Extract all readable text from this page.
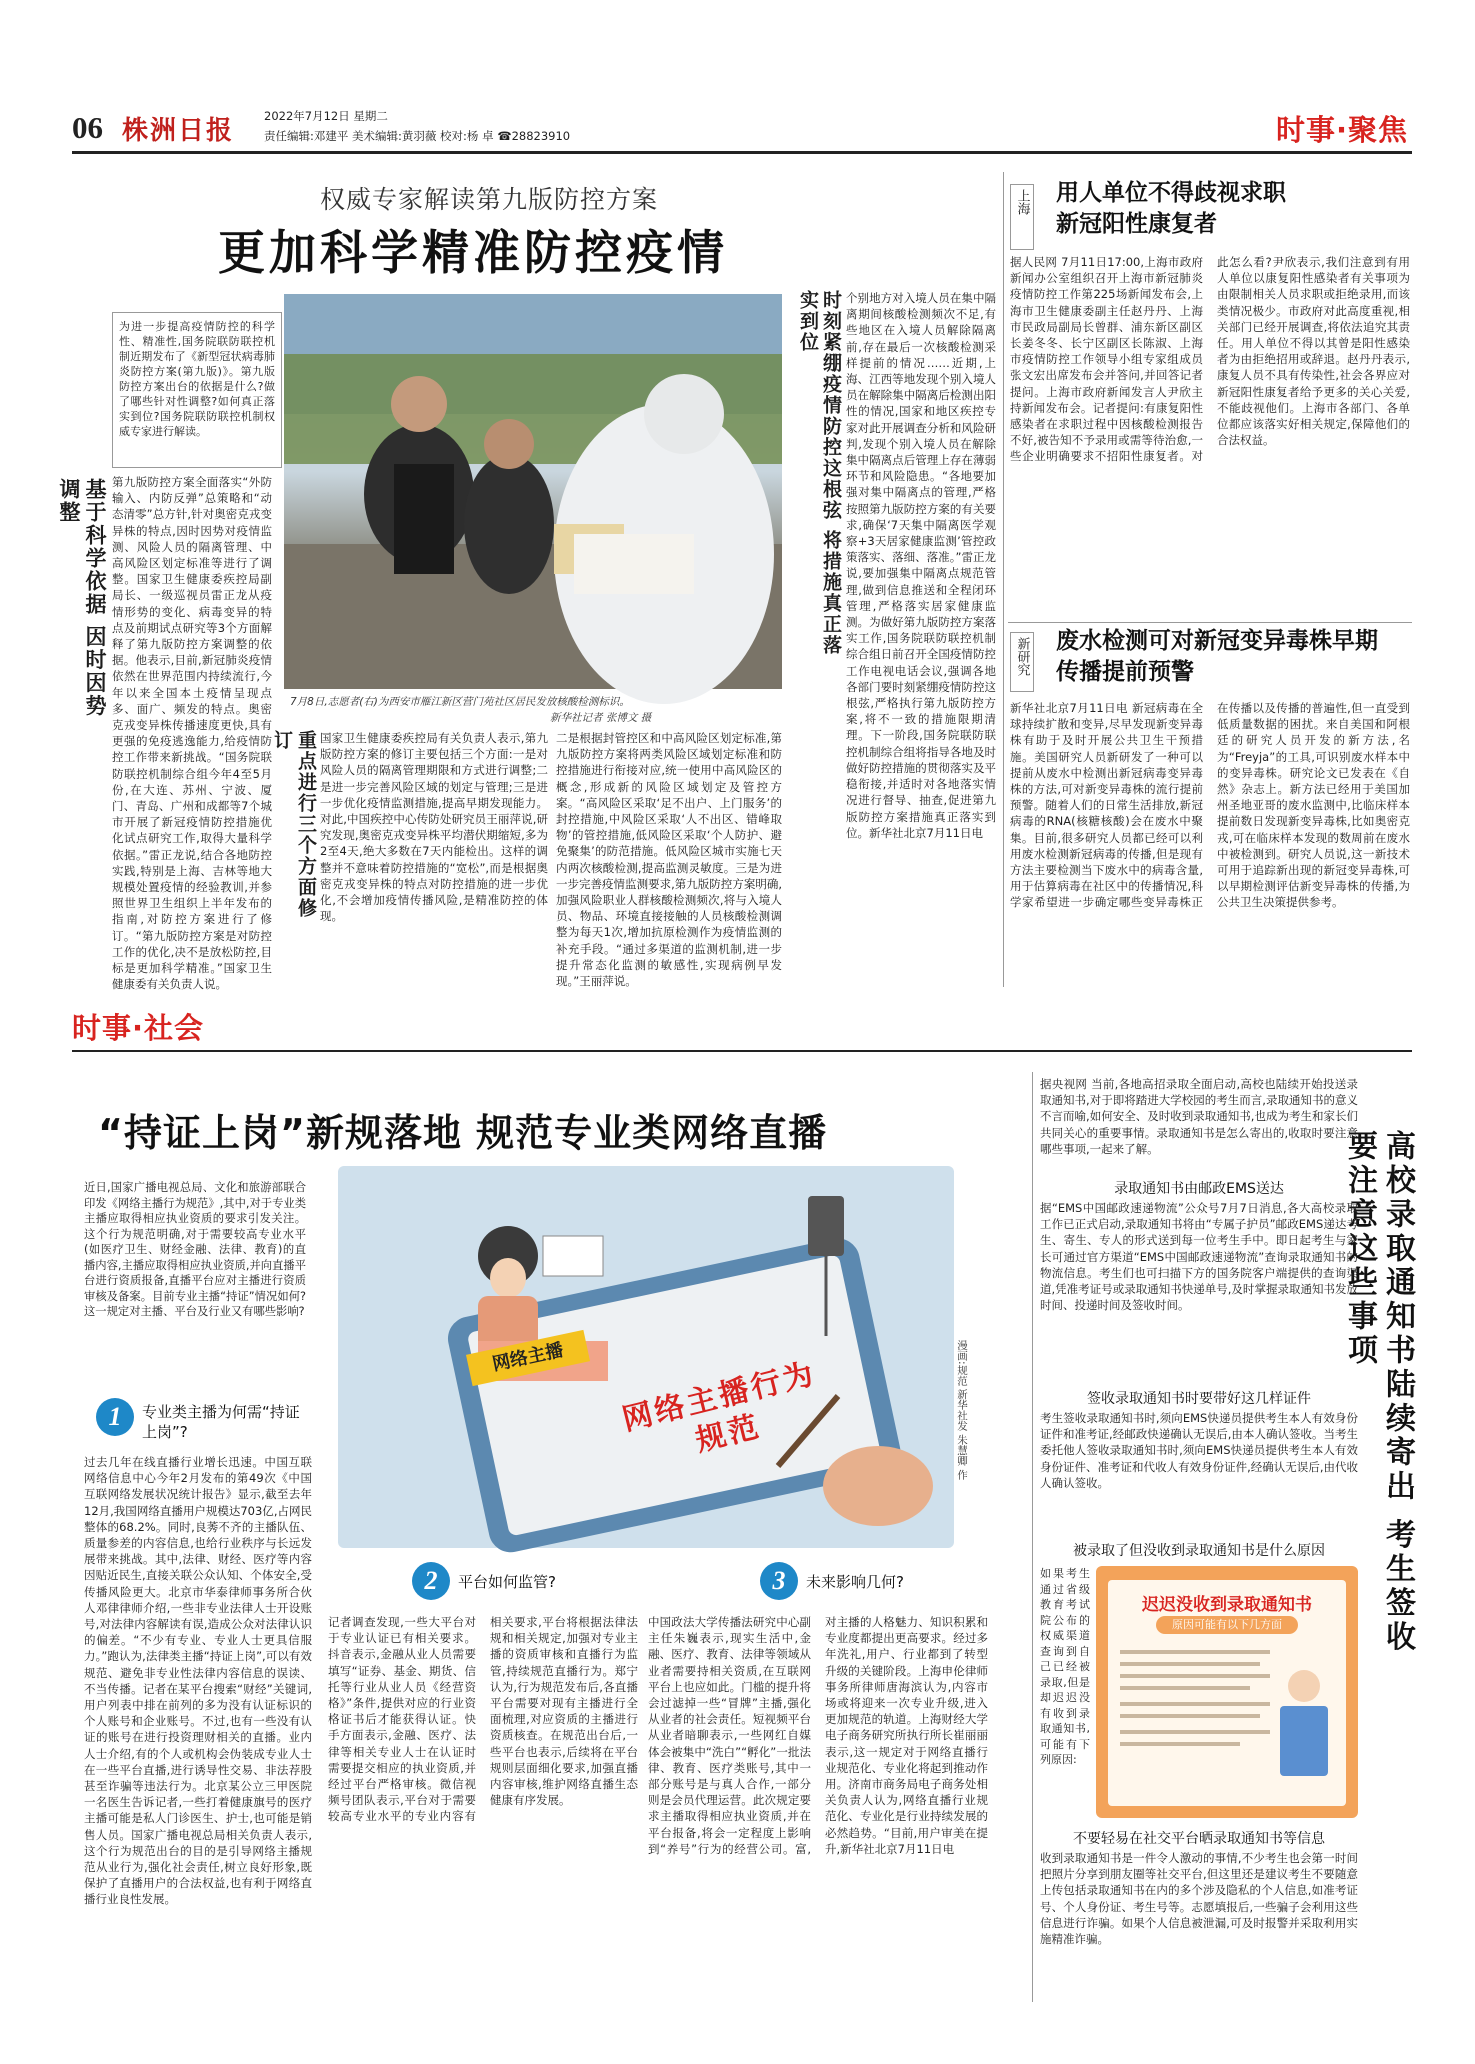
06 株洲日报	2022年7月12日 星期二
责任编辑:邓建平 美术编辑:黄羽薇 校对:杨 卓 ☎28823910	时事·聚焦
权威专家解读第九版防控方案
更加科学精准防控疫情
为进一步提高疫情防控的科学性、精准性,国务院联防联控机制近期发布了《新型冠状病毒肺炎防控方案(第九版)》。第九版防控方案出台的依据是什么?做了哪些针对性调整?如何真正落实到位?国务院联防联控机制权威专家进行解读。
7月8日,志愿者(右)为西安市雁江新区营门苑社区居民发放核酸检测标识。
新华社记者 张博文 摄
基于科学依据 因时因势调整	第九版防控方案全面落实“外防输入、内防反弹”总策略和“动态清零”总方针,针对奥密克戎变异株的特点,因时因势对疫情监测、风险人员的隔离管理、中高风险区划定标准等进行了调整。国家卫生健康委疾控局副局长、一级巡视员雷正龙从疫情形势的变化、病毒变异的特点及前期试点研究等3个方面解释了第九版防控方案调整的依据。他表示,目前,新冠肺炎疫情依然在世界范围内持续流行,今年以来全国本土疫情呈现点多、面广、频发的特点。奥密克戎变异株传播速度更快,具有更强的免疫逃逸能力,给疫情防控工作带来新挑战。“国务院联防联控机制综合组今年4至5月份,在大连、苏州、宁波、厦门、青岛、广州和成都等7个城市开展了新冠疫情防控措施优化试点研究工作,取得大量科学依据。”雷正龙说,结合各地防控实践,特别是上海、吉林等地大规模处置疫情的经验教训,并参照世界卫生组织上半年发布的指南,对防控方案进行了修订。“第九版防控方案是对防控工作的优化,决不是放松防控,目标是更加科学精准。”国家卫生健康委有关负责人说。
重点进行三个方面修订	国家卫生健康委疾控局有关负责人表示,第九版防控方案的修订主要包括三个方面:一是对风险人员的隔离管理期限和方式进行调整;二是进一步完善风险区域的划定与管理;三是进一步优化疫情监测措施,提高早期发现能力。对此,中国疾控中心传防处研究员王丽萍说,研究发现,奥密克戎变异株平均潜伏期缩短,多为2至4天,绝大多数在7天内能检出。这样的调整并不意味着防控措施的“宽松”,而是根据奥密克戎变异株的特点对防控措施的进一步优化,不会增加疫情传播风险,是精准防控的体现。
二是根据封管控区和中高风险区划定标准,第九版防控方案将两类风险区域划定标准和防控措施进行衔接对应,统一使用中高风险区的概念,形成新的风险区域划定及管控方案。“高风险区采取‘足不出户、上门服务’的封控措施,中风险区采取‘人不出区、错峰取物’的管控措施,低风险区采取‘个人防护、避免聚集’的防范措施。低风险区城市实施七天内两次核酸检测,提高监测灵敏度。三是为进一步完善疫情监测要求,第九版防控方案明确,加强风险职业人群核酸检测频次,将与入境人员、物品、环境直接接触的人员核酸检测调整为每天1次,增加抗原检测作为疫情监测的补充手段。“通过多渠道的监测机制,进一步提升常态化监测的敏感性,实现病例早发现。”王丽萍说。
时刻紧绷疫情防控这根弦 将措施真正落实到位	个别地方对入境人员在集中隔离期间核酸检测频次不足,有些地区在入境人员解除隔离前,存在最后一次核酸检测采样提前的情况……近期,上海、江西等地发现个别入境人员在解除集中隔离后检测出阳性的情况,国家和地区疾控专家对此开展调查分析和风险研判,发现个别入境人员在解除集中隔离点后管理上存在薄弱环节和风险隐患。“各地要加强对集中隔离点的管理,严格按照第九版防控方案的有关要求,确保‘7天集中隔离医学观察+3天居家健康监测’管控政策落实、落细、落准。”雷正龙说,要加强集中隔离点规范管理,做到信息推送和全程闭环管理,严格落实居家健康监测。为做好第九版防控方案落实工作,国务院联防联控机制综合组日前召开全国疫情防控工作电视电话会议,强调各地各部门要时刻紧绷疫情防控这根弦,严格执行第九版防控方案,将不一致的措施限期清理。下一阶段,国务院联防联控机制综合组将指导各地及时做好防控措施的贯彻落实及平稳衔接,并适时对各地落实情况进行督导、抽查,促进第九版防控方案措施真正落实到位。新华社北京7月11日电
上海 用人单位不得歧视求职新冠阳性康复者
据人民网 7月11日17:00,上海市政府新闻办公室组织召开上海市新冠肺炎疫情防控工作第225场新闻发布会,上海市卫生健康委副主任赵丹丹、上海市民政局副局长曾群、浦东新区副区长姜冬冬、长宁区副区长陈淑、上海市疫情防控工作领导小组专家组成员张文宏出席发布会并答问,并回答记者提问。上海市政府新闻发言人尹欣主持新闻发布会。记者提问:有康复阳性感染者在求职过程中因核酸检测报告不好,被告知不予录用或需等待治愈,一些企业明确要求不招阳性康复者。对此怎么看?尹欣表示,我们注意到有用人单位以康复阳性感染者有关事项为由限制相关人员求职或拒绝录用,而该类情况极少。市政府对此高度重视,相关部门已经开展调查,将依法追究其责任。用人单位不得以其曾是阳性感染者为由拒绝招用或辞退。赵丹丹表示,康复人员不具有传染性,社会各界应对新冠阳性康复者给予更多的关心关爱,不能歧视他们。上海市各部门、各单位都应该落实好相关规定,保障他们的合法权益。
新研究 废水检测可对新冠变异毒株早期传播提前预警
新华社北京7月11日电 新冠病毒在全球持续扩散和变异,尽早发现新变异毒株有助于及时开展公共卫生干预措施。美国研究人员新研发了一种可以提前从废水中检测出新冠病毒变异毒株的方法,可对新变异毒株的流行提前预警。随着人们的日常生活排放,新冠病毒的RNA(核糖核酸)会在废水中聚集。目前,很多研究人员都已经可以利用废水检测新冠病毒的传播,但是现有方法主要检测当下废水中的病毒含量,用于估算病毒在社区中的传播情况,科学家希望进一步确定哪些变异毒株正在传播以及传播的普遍性,但一直受到低质量数据的困扰。来自美国和阿根廷的研究人员开发的新方法,名为“Freyja”的工具,可识别废水样本中的变异毒株。研究论文已发表在《自然》杂志上。新方法已经用于美国加州圣地亚哥的废水监测中,比临床样本提前数日发现新变异毒株,比如奥密克戎,可在临床样本发现的数周前在废水中被检测到。研究人员说,这一新技术可用于追踪新出现的新冠变异毒株,可以早期检测评估新变异毒株的传播,为公共卫生决策提供参考。
时事·社会
“持证上岗”新规落地 规范专业类网络直播
近日,国家广播电视总局、文化和旅游部联合印发《网络主播行为规范》,其中,对于专业类主播应取得相应执业资质的要求引发关注。这个行为规范明确,对于需要较高专业水平(如医疗卫生、财经金融、法律、教育)的直播内容,主播应取得相应执业资质,并向直播平台进行资质报备,直播平台应对主播进行资质审核及备案。目前专业主播“持证”情况如何?这一规定对主播、平台及行业又有哪些影响?
网络主播	网络主播行为规范	漫画:规范 新华社发 朱慧卿 作
1	专业类主播为何需“持证上岗”?
过去几年在线直播行业增长迅速。中国互联网络信息中心今年2月发布的第49次《中国互联网络发展状况统计报告》显示,截至去年12月,我国网络直播用户规模达703亿,占网民整体的68.2%。同时,良莠不齐的主播队伍、质量参差的内容信息,也给行业秩序与长远发展带来挑战。其中,法律、财经、医疗等内容因贴近民生,直接关联公众认知、个体安全,受传播风险更大。北京市华泰律师事务所合伙人邓律律师介绍,一些非专业法律人士开设账号,对法律内容解读有误,造成公众对法律认识的偏差。“不少有专业、专业人士更具信服力。”跑认为,法律类主播“持证上岗”,可以有效规范、避免非专业性法律内容信息的误读、不当传播。记者在某平台搜索“财经”关键词,用户列表中排在前列的多为没有认证标识的个人账号和企业账号。不过,也有一些没有认证的账号在进行投资理财相关的直播。业内人士介绍,有的个人或机构会伪装成专业人士在一些平台直播,进行诱导性交易、非法荐股甚至诈骗等违法行为。北京某公立三甲医院一名医生告诉记者,一些打着健康旗号的医疗主播可能是私人门诊医生、护士,也可能是销售人员。国家广播电视总局相关负责人表示,这个行为规范出台的目的是引导网络主播规范从业行为,强化社会责任,树立良好形象,既保护了直播用户的合法权益,也有利于网络直播行业良性发展。
2	平台如何监管?
记者调查发现,一些大平台对于专业认证已有相关要求。抖音表示,金融从业人员需要填写“证券、基金、期货、信托等行业从业人员《经营资格》”条件,提供对应的行业资格证书后才能获得认证。快手方面表示,金融、医疗、法律等相关专业人士在认证时需要提交相应的执业资质,并经过平台严格审核。微信视频号团队表示,平台对于需要较高专业水平的专业内容有相关要求,平台将根据法律法规和相关规定,加强对专业主播的资质审核和直播行为监管,持续规范直播行为。郑宁认为,行为规范发布后,各直播平台需要对现有主播进行全面梳理,对应资质的主播进行资质核查。在规范出台后,一些平台也表示,后续将在平台规则层面细化要求,加强直播内容审核,维护网络直播生态健康有序发展。
3	未来影响几何?
中国政法大学传播法研究中心副主任朱巍表示,现实生活中,金融、医疗、教育、法律等领域从业者需要持相关资质,在互联网平台上也应如此。门槛的提升将会过滤掉一些“冒牌”主播,强化从业者的社会责任。短视频平台从业者暗聊表示,一些网红自媒体会被集中“洗白”“孵化”一批法律、教育、医疗类账号,其中一部分账号是与真人合作,一部分则是会员代理运营。此次规定要求主播取得相应执业资质,并在平台报备,将会一定程度上影响到“养号”行为的经营公司。富,对主播的人格魅力、知识积累和专业度都提出更高要求。经过多年洗礼,用户、行业都到了转型升级的关键阶段。上海申伦律师事务所律师唐海滨认为,内容市场或将迎来一次专业升级,进入更加规范的轨道。上海财经大学电子商务研究所执行所长崔丽丽表示,这一规定对于网络直播行业规范化、专业化将起到推动作用。济南市商务局电子商务处相关负责人认为,网络直播行业规范化、专业化是行业持续发展的必然趋势。“目前,用户审美在提升,新华社北京7月11日电
高校录取通知书陆续寄出 考生签收要注意这些事项
据央视网 当前,各地高招录取全面启动,高校也陆续开始投送录取通知书,对于即将踏进大学校园的考生而言,录取通知书的意义不言而喻,如何安全、及时收到录取通知书,也成为考生和家长们共同关心的重要事情。录取通知书是怎么寄出的,收取时要注意哪些事项,一起来了解。
录取通知书由邮政EMS送达
据“EMS中国邮政速递物流”公众号7月7日消息,各大高校录取工作已正式启动,录取通知书将由“专属子护员”邮政EMS递达考生、寄生、专人的形式送到每一位考生手中。即日起考生与家长可通过官方渠道“EMS中国邮政速递物流”查询录取通知书的物流信息。考生们也可扫描下方的国务院客户端提供的查询渠道,凭准考证号或录取通知书快递单号,及时掌握录取通知书发放时间、投递时间及签收时间。
签收录取通知书时要带好这几样证件
考生签收录取通知书时,须向EMS快递员提供考生本人有效身份证件和准考证,经邮政快递确认无误后,由本人确认签收。当考生委托他人签收录取通知书时,须向EMS快递员提供考生本人有效身份证件、准考证和代收人有效身份证件,经确认无误后,由代收人确认签收。
被录取了但没收到录取通知书是什么原因
迟迟没收到录取通知书
原因可能有以下几方面
如果考生通过省级教育考试院公布的权威渠道查询到自己已经被录取,但是却迟迟没有收到录取通知书,可能有下列原因:
不要轻易在社交平台晒录取通知书等信息
收到录取通知书是一件令人激动的事情,不少考生也会第一时间把照片分享到朋友圈等社交平台,但这里还是建议考生不要随意上传包括录取通知书在内的多个涉及隐私的个人信息,如准考证号、个人身份证、考生号等。志愿填报后,一些骗子会利用这些信息进行诈骗。如果个人信息被泄漏,可及时报警并采取利用实施精准诈骗。
